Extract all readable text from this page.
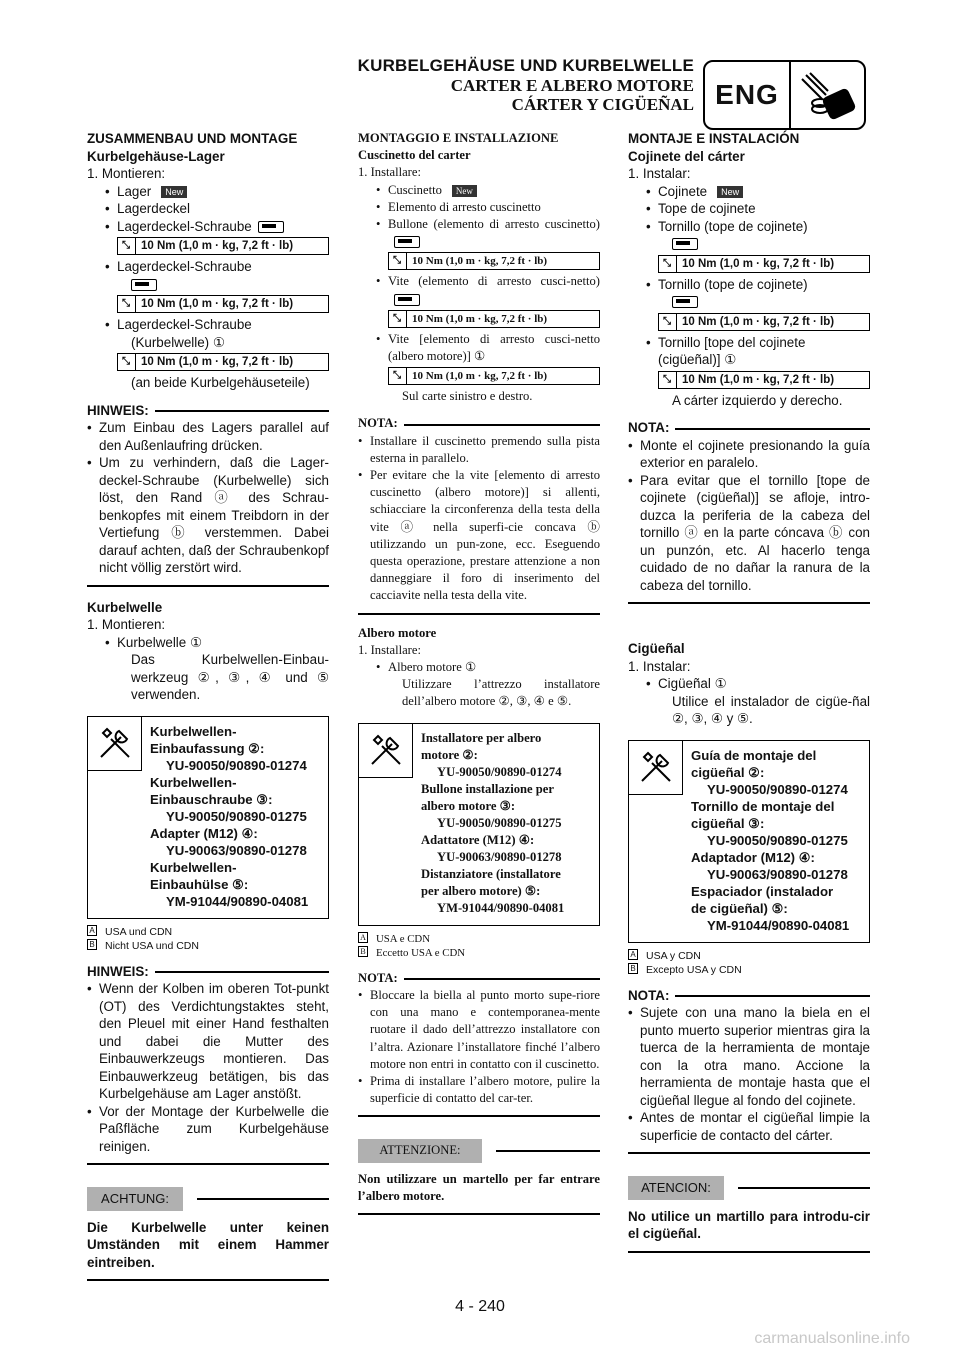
KURBELGEHÄUSE UND KURBELWELLE
CARTER E ALBERO MOTORE
CÁRTER Y CIGÜEÑAL ENG
ZUSAMMENBAU UND MONTAGE
Kurbelgehäuse-Lager
1. Montieren:
• Lager New
• Lagerdeckel
• Lagerdeckel-Schraube
⤡ 10 Nm (1,0 m · kg, 7,2 ft · lb)
• Lagerdeckel-Schraube
⤡ 10 Nm (1,0 m · kg, 7,2 ft · lb)
• Lagerdeckel-Schraube
(Kurbelwelle) ①
⤡ 10 Nm (1,0 m · kg, 7,2 ft · lb)
(an beide Kurbelgehäuseteile)
HINWEIS:
• Zum Einbau des Lagers parallel auf den Außenlaufring drücken.
• Um zu verhindern, daß die Lager-deckel-Schraube (Kurbelwelle) sich löst, den Rand ⓐ des Schrau-benkopfes mit einem Treibdorn in der Vertiefung ⓑ verstemmen. Dabei darauf achten, daß der Schraubenkopf nicht völlig zerstört wird.
Kurbelwelle
1. Montieren:
• Kurbelwelle ①
Das Kurbelwellen-Einbau-werkzeug ②, ③, ④ und ⑤ verwenden.
Kurbelwellen-
Einbaufassung ②:
YU-90050/90890-01274
Kurbelwellen-
Einbauschraube ③:
YU-90050/90890-01275
Adapter (M12) ④:
YU-90063/90890-01278
Kurbelwellen-
Einbauhülse ⑤:
YM-91044/90890-04081
A USA und CDN
B Nicht USA und CDN
HINWEIS:
• Wenn der Kolben im oberen Tot-punkt (OT) des Verdichtungstaktes steht, den Pleuel mit einer Hand festhalten und dabei die Mutter des Einbauwerkzeugs montieren. Das Einbauwerkzeug betätigen, bis das Kurbelgehäuse am Lager anstößt.
• Vor der Montage der Kurbelwelle die Paßfläche zum Kurbelgehäuse reinigen.
ACHTUNG:
Die Kurbelwelle unter keinen Umständen mit einem Hammer eintreiben.
MONTAGGIO E INSTALLAZIONE
Cuscinetto del carter
1. Installare:
• Cuscinetto New
• Elemento di arresto cuscinetto
• Bullone (elemento di arresto cuscinetto)
⤡	10 Nm (1,0 m · kg, 7,2 ft · lb)
• Vite (elemento di arresto cusci-netto)
⤡	10 Nm (1,0 m · kg, 7,2 ft · lb)
• Vite [elemento di arresto cusci-netto (albero motore)] ①
⤡	10 Nm (1,0 m · kg, 7,2 ft · lb)
Sul carte sinistro e destro.
NOTA:
• Installare il cuscinetto premendo sulla pista esterna in parallelo.
• Per evitare che la vite [elemento di arresto cuscinetto (albero motore)] si allenti, schiacciare la circonferenza della testa della vite ⓐ nella superfi-cie concava ⓑ utilizzando un pun-zone, ecc. Eseguendo questa operazione, prestare attenzione a non danneggiare il foro di inserimento del cacciavite nella testa della vite.
Albero motore
1. Installare:
• Albero motore ①
Utilizzare l’attrezzo installatore dell’albero motore ②, ③, ④ e ⑤.
Installatore per albero
motore ②:
YU-90050/90890-01274
Bullone installazione per
albero motore ③:
YU-90050/90890-01275
Adattatore (M12) ④:
YU-90063/90890-01278
Distanziatore (installatore
per albero motore) ⑤:
YM-91044/90890-04081
A USA e CDN
B Eccetto USA e CDN
NOTA:
• Bloccare la biella al punto morto supe-riore con una mano e contemporanea-mente ruotare il dado dell’attrezzo installatore con l’altra. Azionare l’installatore finché l’albero motore non entri in contatto con il cuscinetto.
• Prima di installare l’albero motore, pulire la superficie di contatto del car-ter.
ATTENZIONE:
Non utilizzare un martello per far entrare l’albero motore.
MONTAJE E INSTALACIÓN
Cojinete del cárter
1. Instalar:
• Cojinete New
• Tope de cojinete
• Tornillo (tope de cojinete)
⤡ 10 Nm (1,0 m · kg, 7,2 ft · lb)
• Tornillo (tope de cojinete)
⤡ 10 Nm (1,0 m · kg, 7,2 ft · lb)
• Tornillo [tope del cojinete (cigüeñal)] ①
⤡ 10 Nm (1,0 m · kg, 7,2 ft · lb)
A cárter izquierdo y derecho.
NOTA:
• Monte el cojinete presionando la guía exterior en paralelo.
• Para evitar que el tornillo [tope de cojinete (cigüeñal)] se afloje, intro-duzca la periferia de la cabeza del tornillo ⓐ en la parte cóncava ⓑ con un punzón, etc. Al hacerlo tenga cuidado de no dañar la ranura de la cabeza del tornillo.
Cigüeñal
1. Instalar:
• Cigüeñal ①
Utilice el instalador de cigüe-ñal ②, ③, ④ y ⑤.
Guía de montaje del
cigüeñal ②:
YU-90050/90890-01274
Tornillo de montaje del
cigüeñal ③:
YU-90050/90890-01275
Adaptador (M12) ④:
YU-90063/90890-01278
Espaciador (instalador
de cigüeñal) ⑤:
YM-91044/90890-04081
A USA y CDN
B Excepto USA y CDN
NOTA:
• Sujete con una mano la biela en el punto muerto superior mientras gira la tuerca de la herramienta de montaje con la otra mano. Accione la herramienta de montaje hasta que el cigüeñal llegue al fondo del cojinete.
• Antes de montar el cigüeñal limpie la superficie de contacto del cárter.
ATENCION:
No utilice un martillo para introdu-cir el cigüeñal.
4 - 240
carmanualsonline.info
